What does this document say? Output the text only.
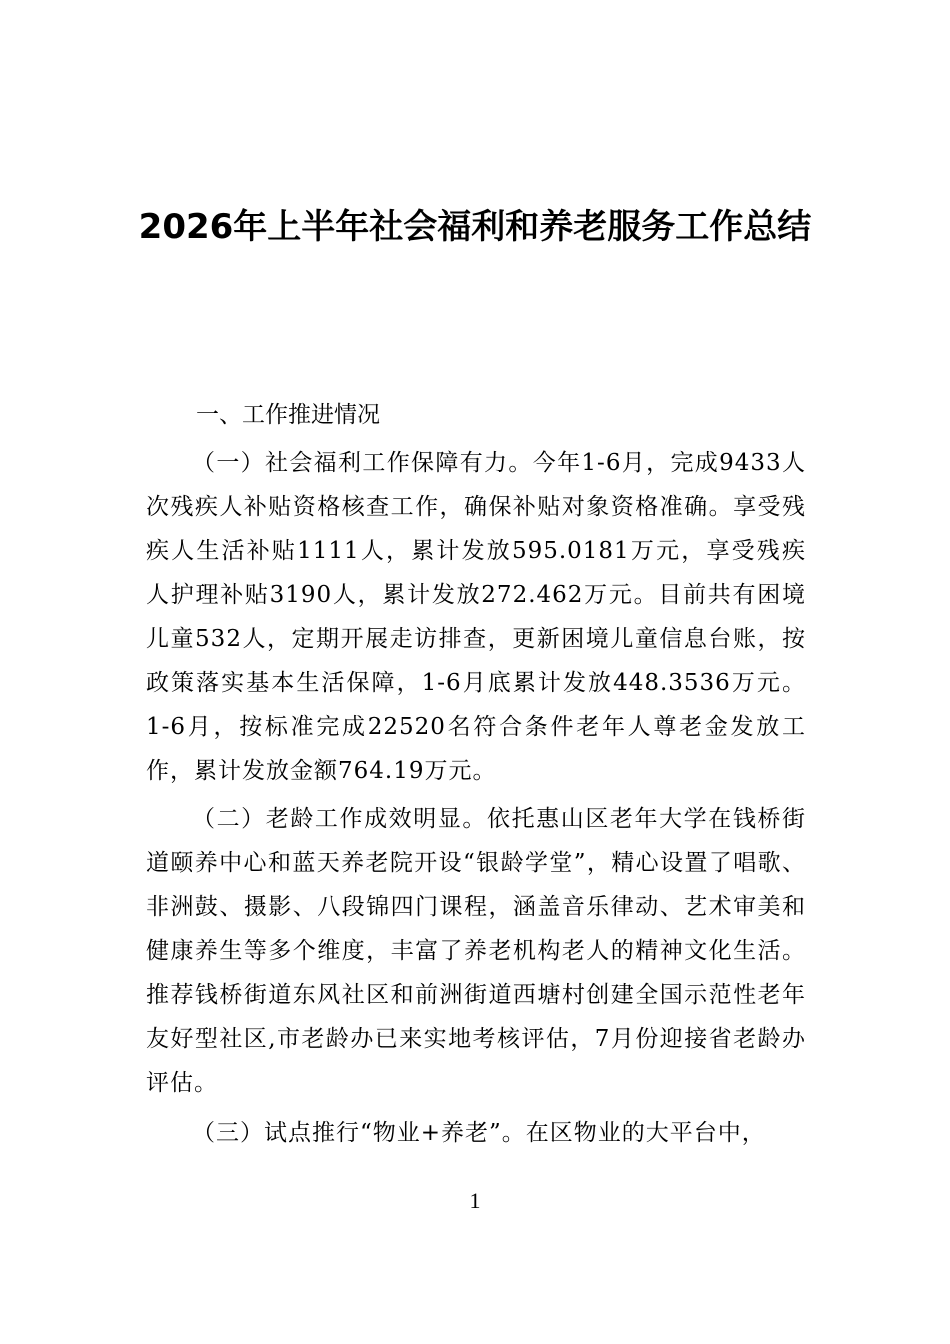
2026年上半年社会福利和养老服务工作总结
一、工作推进情况

（一）社会福利工作保障有力。今年1-6月，完成9433人次残疾人补贴资格核查工作，确保补贴对象资格准确。享受残疾人生活补贴1111人，累计发放595.0181万元，享受残疾人护理补贴3190人，累计发放272.462万元。目前共有困境儿童532人，定期开展走访排查，更新困境儿童信息台账，按政策落实基本生活保障，1-6月底累计发放448.3536万元。1-6月，按标准完成22520名符合条件老年人尊老金发放工作，累计发放金额764.19万元。

（二）老龄工作成效明显。依托惠山区老年大学在钱桥街道颐养中心和蓝天养老院开设“银龄学堂”，精心设置了唱歌、非洲鼓、摄影、八段锦四门课程，涵盖音乐律动、艺术审美和健康养生等多个维度，丰富了养老机构老人的精神文化生活。推荐钱桥街道东风社区和前洲街道西塘村创建全国示范性老年友好型社区,市老龄办已来实地考核评估，7月份迎接省老龄办评估。

（三）试点推行“物业+养老”。在区物业的大平台中，

1
